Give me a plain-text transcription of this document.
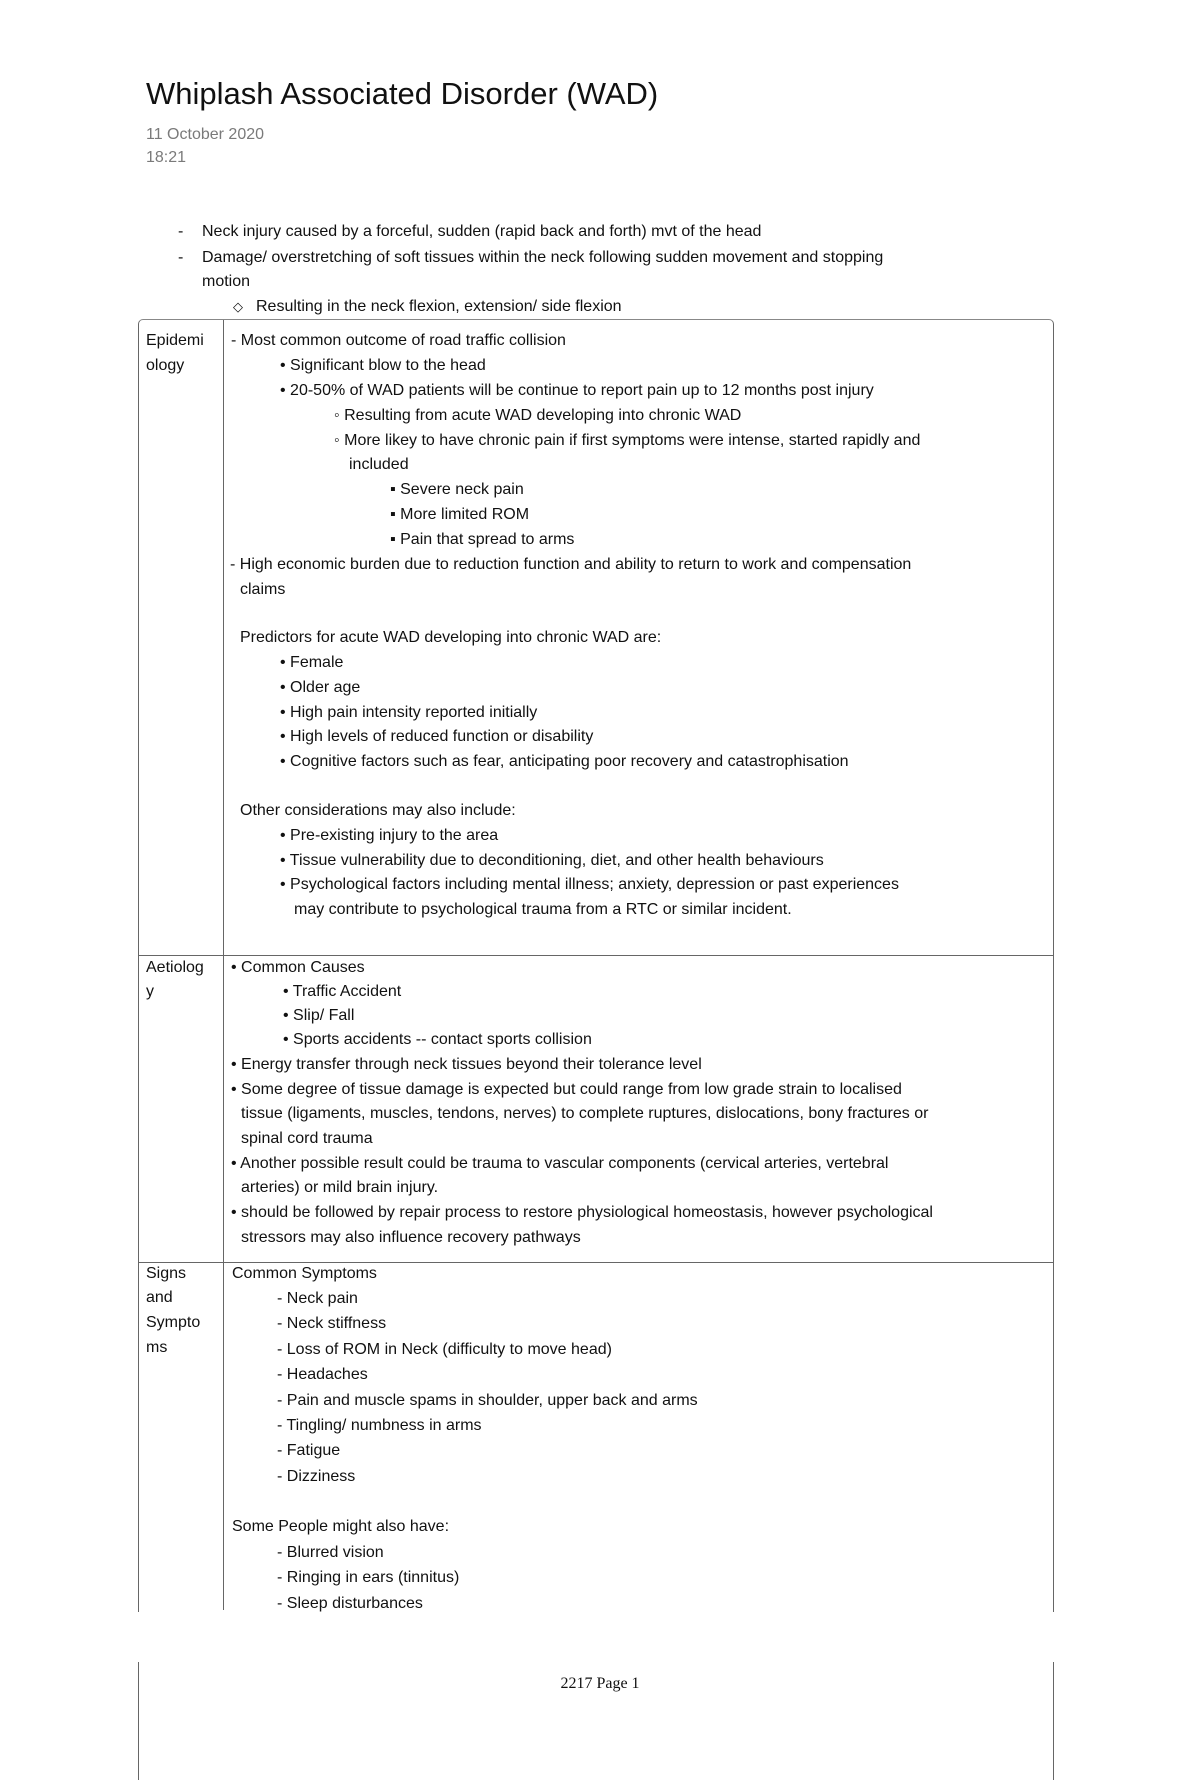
Whiplash Associated Disorder (WAD)
11 October 2020
18:21
- Neck injury caused by a forceful, sudden (rapid back and forth) mvt of the head
- Damage/ overstretching of soft tissues within the neck following sudden movement and stopping
motion
◇ Resulting in the neck flexion, extension/ side flexion
Epidemi
ology
- Most common outcome of road traffic collision
• Significant blow to the head
• 20-50% of WAD patients will be continue to report pain up to 12 months post injury
◦ Resulting from acute WAD developing into chronic WAD
◦ More likey to have chronic pain if first symptoms were intense, started rapidly and
included
▪ Severe neck pain
▪ More limited ROM
▪ Pain that spread to arms
- High economic burden due to reduction function and ability to return to work and compensation
claims
Predictors for acute WAD developing into chronic WAD are:
• Female
• Older age
• High pain intensity reported initially
• High levels of reduced function or disability
• Cognitive factors such as fear, anticipating poor recovery and catastrophisation
Other considerations may also include:
• Pre-existing injury to the area
• Tissue vulnerability due to deconditioning, diet, and other health behaviours
• Psychological factors including mental illness; anxiety, depression or past experiences
may contribute to psychological trauma from a RTC or similar incident.
Aetiolog
y
• Common Causes
• Traffic Accident
• Slip/ Fall
• Sports accidents -- contact sports collision
• Energy transfer through neck tissues beyond their tolerance level
• Some degree of tissue damage is expected but could range from low grade strain to localised
tissue (ligaments, muscles, tendons, nerves) to complete ruptures, dislocations, bony fractures or
spinal cord trauma
• Another possible result could be trauma to vascular components (cervical arteries, vertebral
arteries) or mild brain injury.
• should be followed by repair process to restore physiological homeostasis, however psychological
stressors may also influence recovery pathways
Signs
and
Sympto
ms
Common Symptoms
- Neck pain
- Neck stiffness
- Loss of ROM in Neck (difficulty to move head)
- Headaches
- Pain and muscle spams in shoulder, upper back and arms
- Tingling/ numbness in arms
- Fatigue
- Dizziness
Some People might also have:
- Blurred vision
- Ringing in ears (tinnitus)
- Sleep disturbances
2217 Page 1
